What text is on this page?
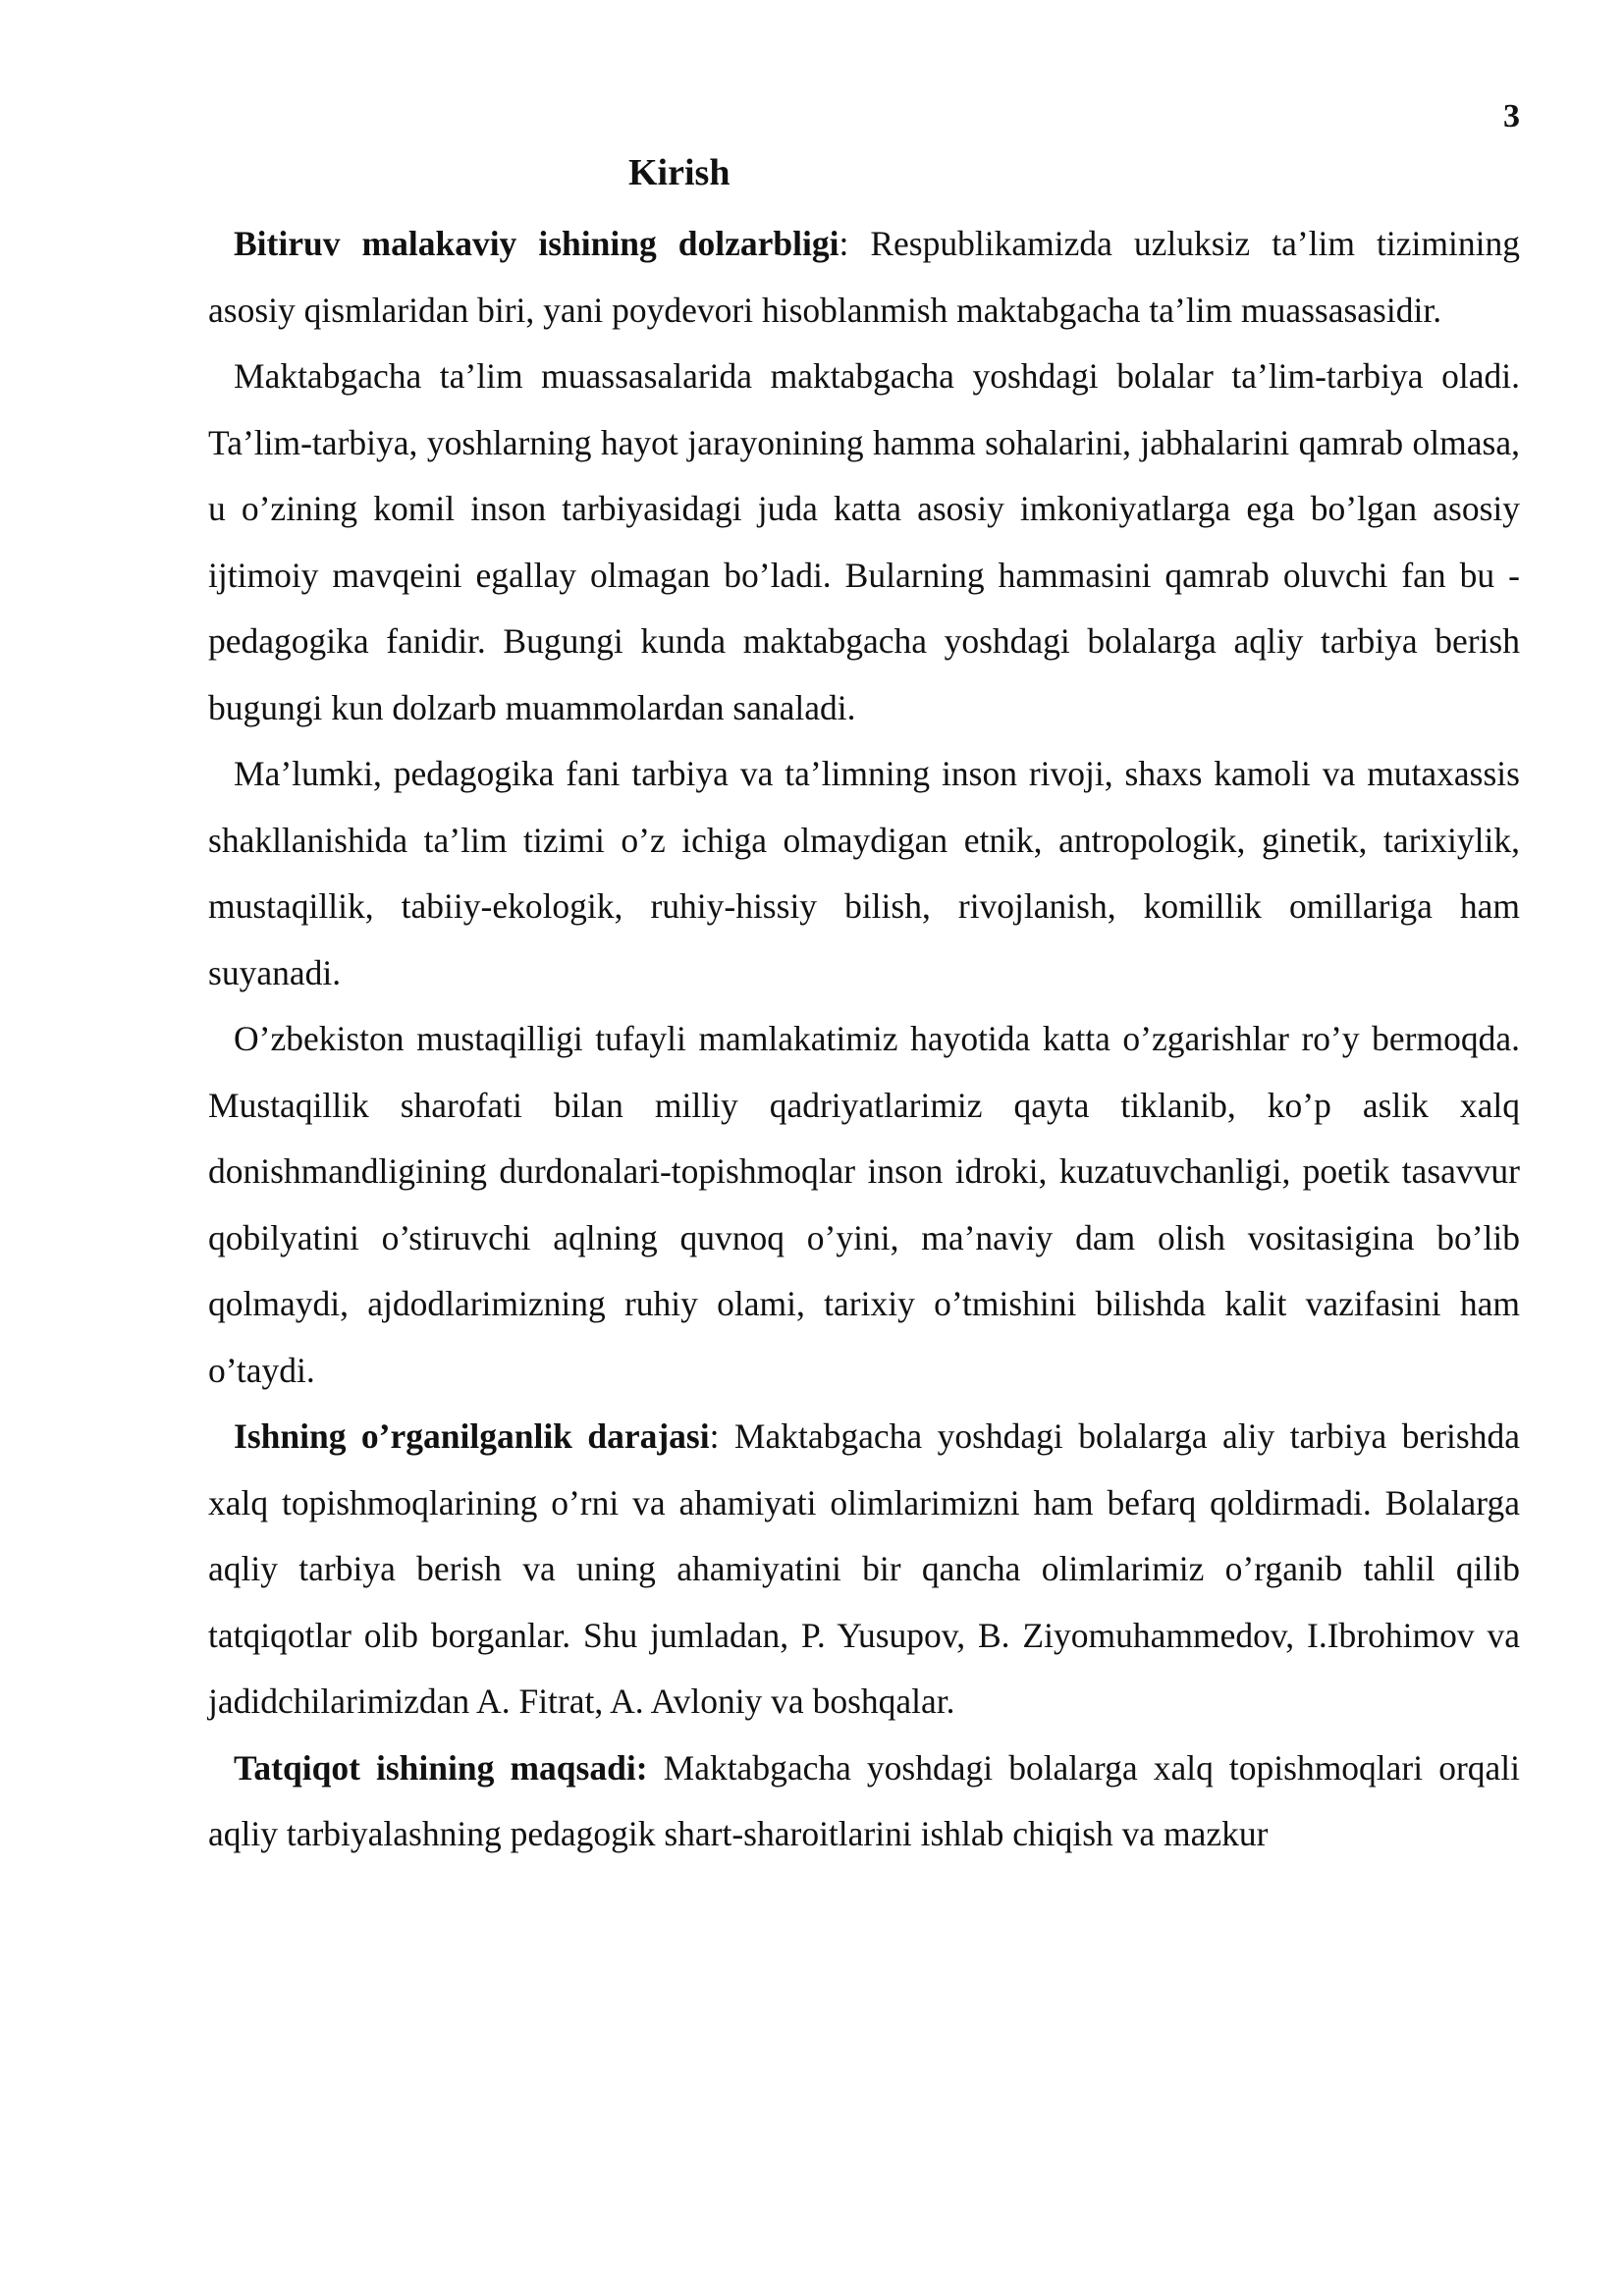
3
Kirish

Bitiruv malakaviy ishining dolzarbligi: Respublikamizda uzluksiz ta’lim tizimining asosiy qismlaridan biri, yani poydevori hisoblanmish maktabgacha ta’lim muassasasidir.

Maktabgacha ta’lim muassasalarida maktabgacha yoshdagi bolalar ta’lim-tarbiya oladi. Ta’lim-tarbiya, yoshlarning hayot jarayonining hamma sohalarini, jabhalarini qamrab olmasa, u o’zining komil inson tarbiyasidagi juda katta asosiy imkoniyatlarga ega bo’lgan asosiy ijtimoiy mavqeini egallay olmagan bo’ladi. Bularning hammasini qamrab oluvchi fan bu - pedagogika fanidir. Bugungi kunda maktabgacha yoshdagi bolalarga aqliy tarbiya berish bugungi kun dolzarb muammolardan sanaladi.

Ma’lumki, pedagogika fani tarbiya va ta’limning inson rivoji, shaxs kamoli va mutaxassis shakllanishida ta’lim tizimi o’z ichiga olmaydigan etnik, antropologik, ginetik, tarixiylik, mustaqillik, tabiiy-ekologik, ruhiy-hissiy bilish, rivojlanish, komillik omillariga ham suyanadi.

O’zbekiston mustaqilligi tufayli mamlakatimiz hayotida katta o’zgarishlar ro’y bermoqda. Mustaqillik sharofati bilan milliy qadriyatlarimiz qayta tiklanib, ko’p aslik xalq donishmandligining durdonalari-topishmoqlar inson idroki, kuzatuvchanligi, poetik tasavvur qobilyatini o’stiruvchi aqlning quvnoq o’yini, ma’naviy dam olish vositasigina bo’lib qolmaydi, ajdodlarimizning ruhiy olami, tarixiy o’tmishini bilishda kalit vazifasini ham o’taydi.

Ishning o’rganilganlik darajasi: Maktabgacha yoshdagi bolalarga aliy tarbiya berishda xalq topishmoqlarining o’rni va ahamiyati olimlarimizni ham befarq qoldirmadi. Bolalarga aqliy tarbiya berish va uning ahamiyatini bir qancha olimlarimiz o’rganib tahlil qilib tatqiqotlar olib borganlar. Shu jumladan, P. Yusupov, B. Ziyomuhammedov, I.Ibrohimov va jadidchilarimizdan A. Fitrat, A. Avloniy va boshqalar.

Tatqiqot ishining maqsadi: Maktabgacha yoshdagi bolalarga xalq topishmoqlari orqali aqliy tarbiyalashning pedagogik shart-sharoitlarini ishlab chiqish va mazkur
